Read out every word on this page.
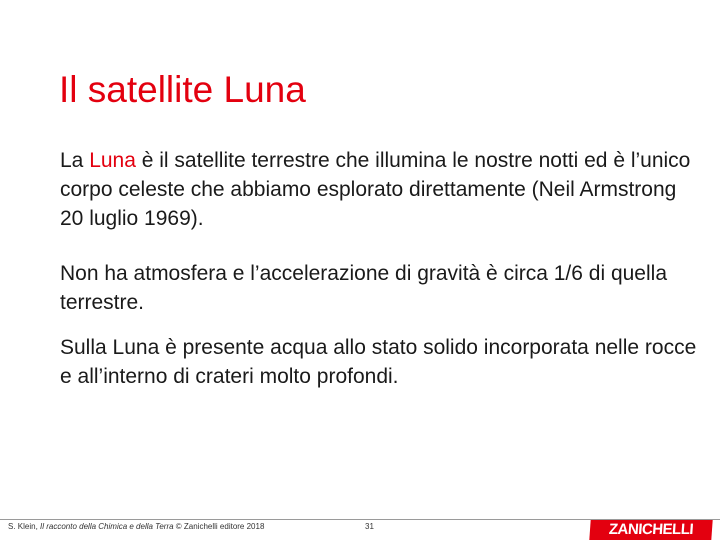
Il satellite Luna

La Luna è il satellite terrestre che illumina le nostre notti ed è l’unico corpo celeste che abbiamo esplorato direttamente (Neil Armstrong 20 luglio 1969).

Non ha atmosfera e l’accelerazione di gravità è circa 1/6 di quella terrestre.

Sulla Luna è presente acqua allo stato solido incorporata nelle rocce e all’interno di crateri molto profondi.

S. Klein, Il racconto della Chimica e della Terra © Zanichelli editore 2018	31	ZANICHELLI
